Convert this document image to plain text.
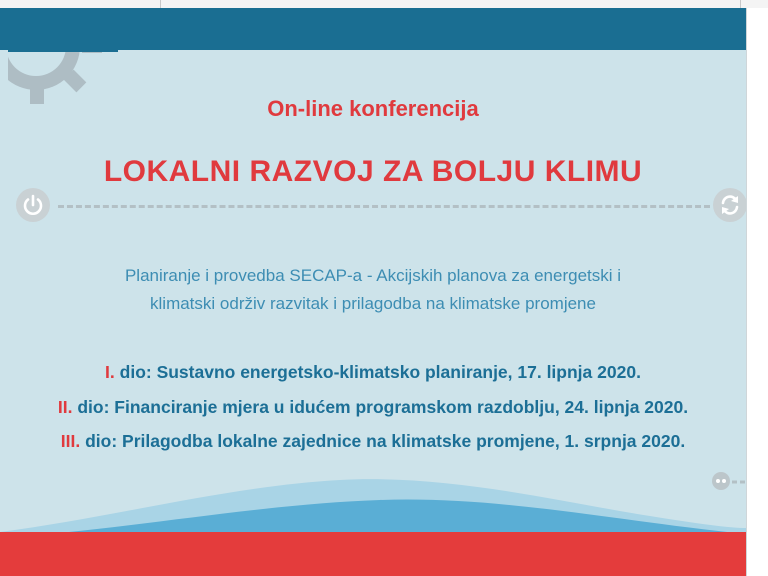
On-line konferencija
LOKALNI RAZVOJ ZA BOLJU KLIMU
Planiranje i provedba SECAP-a - Akcijskih planova za energetski i
klimatski održiv razvitak i prilagodba na klimatske promjene
I. dio: Sustavno energetsko-klimatsko planiranje, 17. lipnja 2020.
II. dio: Financiranje mjera u idućem programskom razdoblju, 24. lipnja 2020.
III. dio: Prilagodba lokalne zajednice na klimatske promjene, 1. srpnja 2020.
